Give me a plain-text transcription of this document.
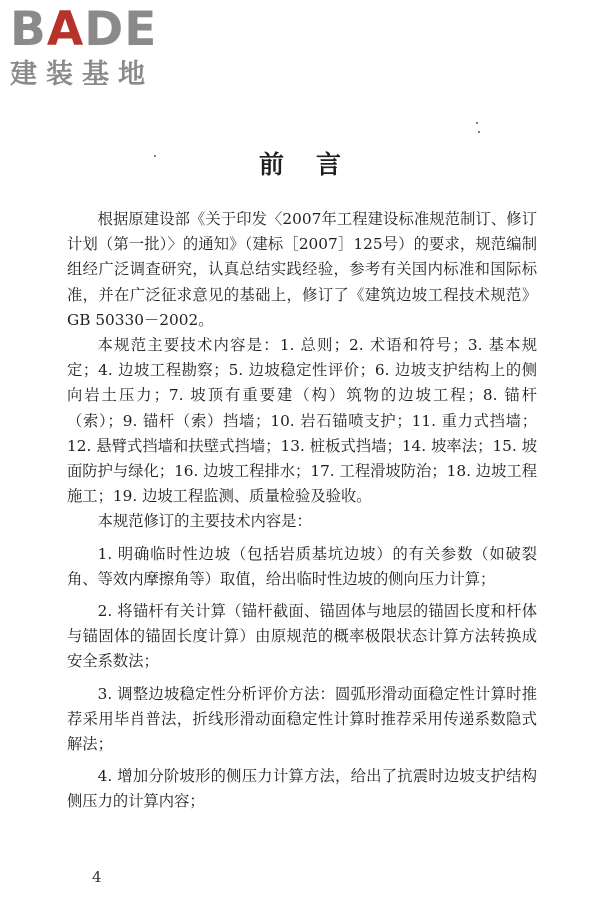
BADE
建装基地
前言

根据原建设部《关于印发〈2007年工程建设标准规范制订、修订计划（第一批）〉的通知》（建标［2007］125号）的要求，规范编制组经广泛调查研究，认真总结实践经验，参考有关国内标准和国际标准，并在广泛征求意见的基础上，修订了《建筑边坡工程技术规范》GB 50330－2002。

本规范主要技术内容是：1. 总则；2. 术语和符号；3. 基本规定；4. 边坡工程勘察；5. 边坡稳定性评价；6. 边坡支护结构上的侧向岩土压力；7. 坡顶有重要建（构）筑物的边坡工程；8. 锚杆（索）；9. 锚杆（索）挡墙；10. 岩石锚喷支护；11. 重力式挡墙；12. 悬臂式挡墙和扶壁式挡墙；13. 桩板式挡墙；14. 坡率法；15. 坡面防护与绿化；16. 边坡工程排水；17. 工程滑坡防治；18. 边坡工程施工；19. 边坡工程监测、质量检验及验收。

本规范修订的主要技术内容是：

1. 明确临时性边坡（包括岩质基坑边坡）的有关参数（如破裂角、等效内摩擦角等）取值，给出临时性边坡的侧向压力计算；

2. 将锚杆有关计算（锚杆截面、锚固体与地层的锚固长度和杆体与锚固体的锚固长度计算）由原规范的概率极限状态计算方法转换成安全系数法；

3. 调整边坡稳定性分析评价方法：圆弧形滑动面稳定性计算时推荐采用毕肖普法，折线形滑动面稳定性计算时推荐采用传递系数隐式解法；

4. 增加分阶坡形的侧压力计算方法，给出了抗震时边坡支护结构侧压力的计算内容；

4
